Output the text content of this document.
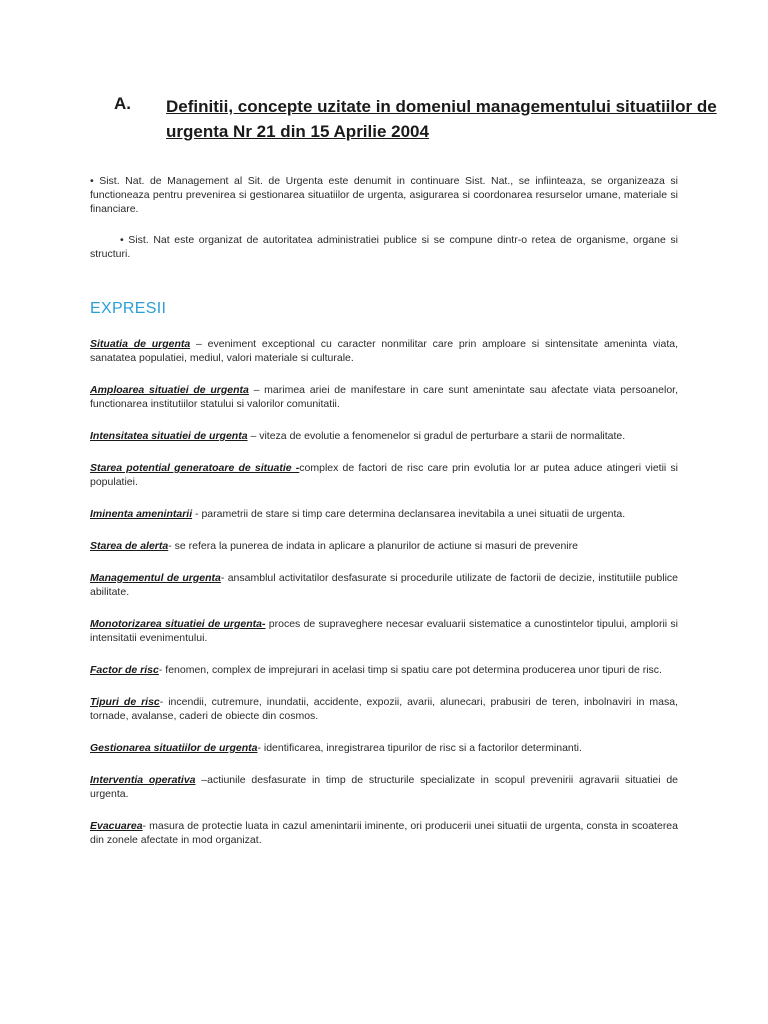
A. Definitii, concepte uzitate in domeniul managementului situatiilor de urgenta Nr 21 din 15 Aprilie 2004

• Sist. Nat. de Management al Sit. de Urgenta este denumit in continuare Sist. Nat., se infiinteaza, se organizeaza si functioneaza pentru prevenirea si gestionarea situatiilor de urgenta, asigurarea si coordonarea resurselor umane, materiale si financiare.

• Sist. Nat este organizat de autoritatea administratiei publice si se compune dintr-o retea de organisme, organe si structuri.

EXPRESII

Situatia de urgenta – eveniment exceptional cu caracter nonmilitar care prin amploare si sintensitate ameninta viata, sanatatea populatiei, mediul, valori materiale si culturale.

Amploarea situatiei de urgenta – marimea ariei de manifestare in care sunt amenintate sau afectate viata persoanelor, functionarea institutiilor statului si valorilor comunitatii.

Intensitatea situatiei de urgenta – viteza de evolutie a fenomenelor si gradul de perturbare a starii de normalitate.

Starea potential generatoare de situatie -complex de factori de risc care prin evolutia lor ar putea aduce atingeri vietii si populatiei.

Iminenta amenintarii - parametrii de stare si timp care determina declansarea inevitabila a unei situatii de urgenta.

Starea de alerta- se refera la punerea de indata in aplicare a planurilor de actiune si masuri de prevenire

Managementul de urgenta- ansamblul activitatilor desfasurate si procedurile utilizate de factorii de decizie, institutiile publice abilitate.

Monotorizarea situatiei de urgenta- proces de supraveghere necesar evaluarii sistematice a cunostintelor tipului, amplorii si intensitatii evenimentului.

Factor de risc- fenomen, complex de imprejurari in acelasi timp si spatiu care pot determina producerea unor tipuri de risc.

Tipuri de risc- incendii, cutremure, inundatii, accidente, expozii, avarii, alunecari, prabusiri de teren, inbolnaviri in masa, tornade, avalanse, caderi de obiecte din cosmos.

Gestionarea situatiilor de urgenta- identificarea, inregistrarea tipurilor de risc si a factorilor determinanti.

Interventia operativa –actiunile desfasurate in timp de structurile specializate in scopul prevenirii agravarii situatiei de urgenta.

Evacuarea- masura de protectie luata in cazul amenintarii iminente, ori producerii unei situatii de urgenta, consta in scoaterea din zonele afectate in mod organizat.
